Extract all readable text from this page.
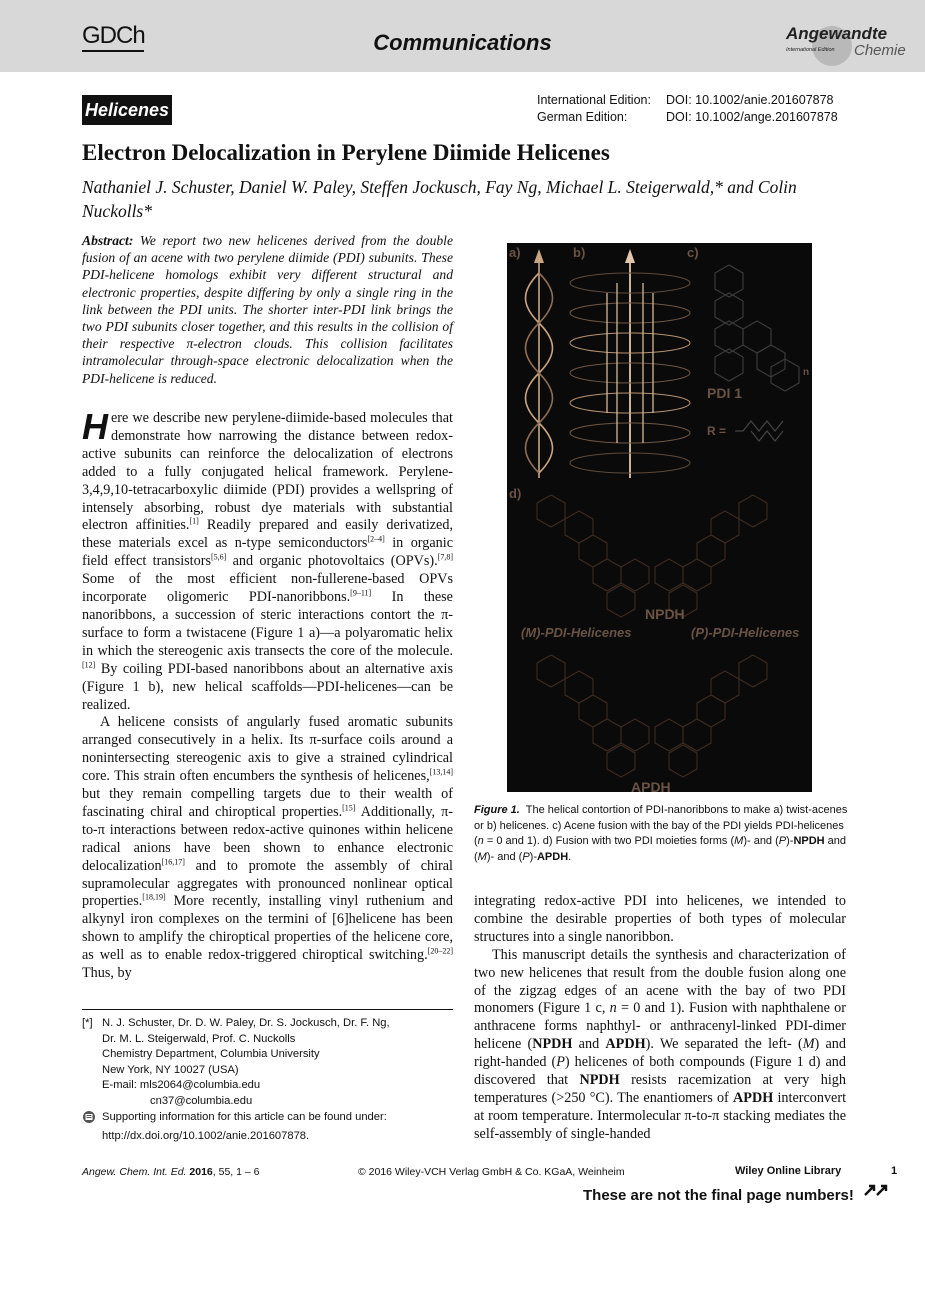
GDCh	Communications	Angewandte
International Edition Chemie
Helicenes	International Edition: DOI: 10.1002/anie.201607878
German Edition:	DOI: 10.1002/ange.201607878
Electron Delocalization in Perylene Diimide Helicenes
Nathaniel J. Schuster, Daniel W. Paley, Steffen Jockusch, Fay Ng, Michael L. Steigerwald,* and Colin Nuckolls*
Abstract: We report two new helicenes derived from the double fusion of an acene with two perylene diimide (PDI) subunits. These PDI-helicene homologs exhibit very different structural and electronic properties, despite differing by only a single ring in the link between the PDI units. The shorter inter-PDI link brings the two PDI subunits closer together, and this results in the collision of their respective π-electron clouds. This collision facilitates intramolecular through-space electronic delocalization when the PDI-helicene is reduced.

Here we describe new perylene-diimide-based molecules that demonstrate how narrowing the distance between redox-active subunits can reinforce the delocalization of electrons added to a fully conjugated helical framework. Perylene-3,4,9,10-tetracarboxylic diimide (PDI) provides a wellspring of intensely absorbing, robust dye materials with substantial electron affinities.[1] Readily prepared and easily derivatized, these materials excel as n-type semiconductors[2–4] in organic field effect transistors[5,6] and organic photovoltaics (OPVs).[7,8] Some of the most efficient non-fullerene-based OPVs incorporate oligomeric PDI-nanoribbons.[9–11] In these nanoribbons, a succession of steric interactions contort the π-surface to form a twistacene (Figure 1 a)—a polyaromatic helix in which the stereogenic axis transects the core of the molecule.[12] By coiling PDI-based nanoribbons about an alternative axis (Figure 1 b), new helical scaffolds—PDI-helicenes—can be realized.

A helicene consists of angularly fused aromatic subunits arranged consecutively in a helix. Its π-surface coils around a nonintersecting stereogenic axis to give a strained cylindrical core. This strain often encumbers the synthesis of helicenes,[13,14] but they remain compelling targets due to their wealth of fascinating chiral and chiroptical properties.[15] Additionally, π-to-π interactions between redox-active quinones within helicene radical anions have been shown to enhance electronic delocalization[16,17] and to promote the assembly of chiral supramolecular aggregates with pronounced nonlinear optical properties.[18,19] More recently, installing vinyl ruthenium and alkynyl iron complexes on the termini of [6]helicene has been shown to amplify the chiroptical properties of the helicene core, as well as to enable redox-triggered chiroptical switching.[20–22] Thus, by

[*] N. J. Schuster, Dr. D. W. Paley, Dr. S. Jockusch, Dr. F. Ng,
Dr. M. L. Steigerwald, Prof. C. Nuckolls
Chemistry Department, Columbia University
New York, NY 10027 (USA)
E-mail: mls2064@columbia.edu
cn37@columbia.edu
Supporting information for this article can be found under:
http://dx.doi.org/10.1002/anie.201607878.
a)	b)	c)
d)
PDI 1
n
R =
NPDH
(M)-PDI-Helicenes	(P)-PDI-Helicenes
APDH
Figure 1. The helical contortion of PDI-nanoribbons to make a) twist-acenes or b) helicenes. c) Acene fusion with the bay of the PDI yields PDI-helicenes (n = 0 and 1). d) Fusion with two PDI moieties forms (M)- and (P)-NPDH and (M)- and (P)-APDH.

integrating redox-active PDI into helicenes, we intended to combine the desirable properties of both types of molecular structures into a single nanoribbon.

This manuscript details the synthesis and characterization of two new helicenes that result from the double fusion along one of the zigzag edges of an acene with the bay of two PDI monomers (Figure 1 c, n = 0 and 1). Fusion with naphthalene or anthracene forms naphthyl- or anthracenyl-linked PDI-dimer helicene (NPDH and APDH). We separated the left- (M) and right-handed (P) helicenes of both compounds (Figure 1 d) and discovered that NPDH resists racemization at very high temperatures (>250 °C). The enantiomers of APDH interconvert at room temperature. Intermolecular π-to-π stacking mediates the self-assembly of single-handed

Angew. Chem. Int. Ed. 2016, 55, 1 – 6	© 2016 Wiley-VCH Verlag GmbH & Co. KGaA, Weinheim	Wiley Online Library	1
These are not the final page numbers!
